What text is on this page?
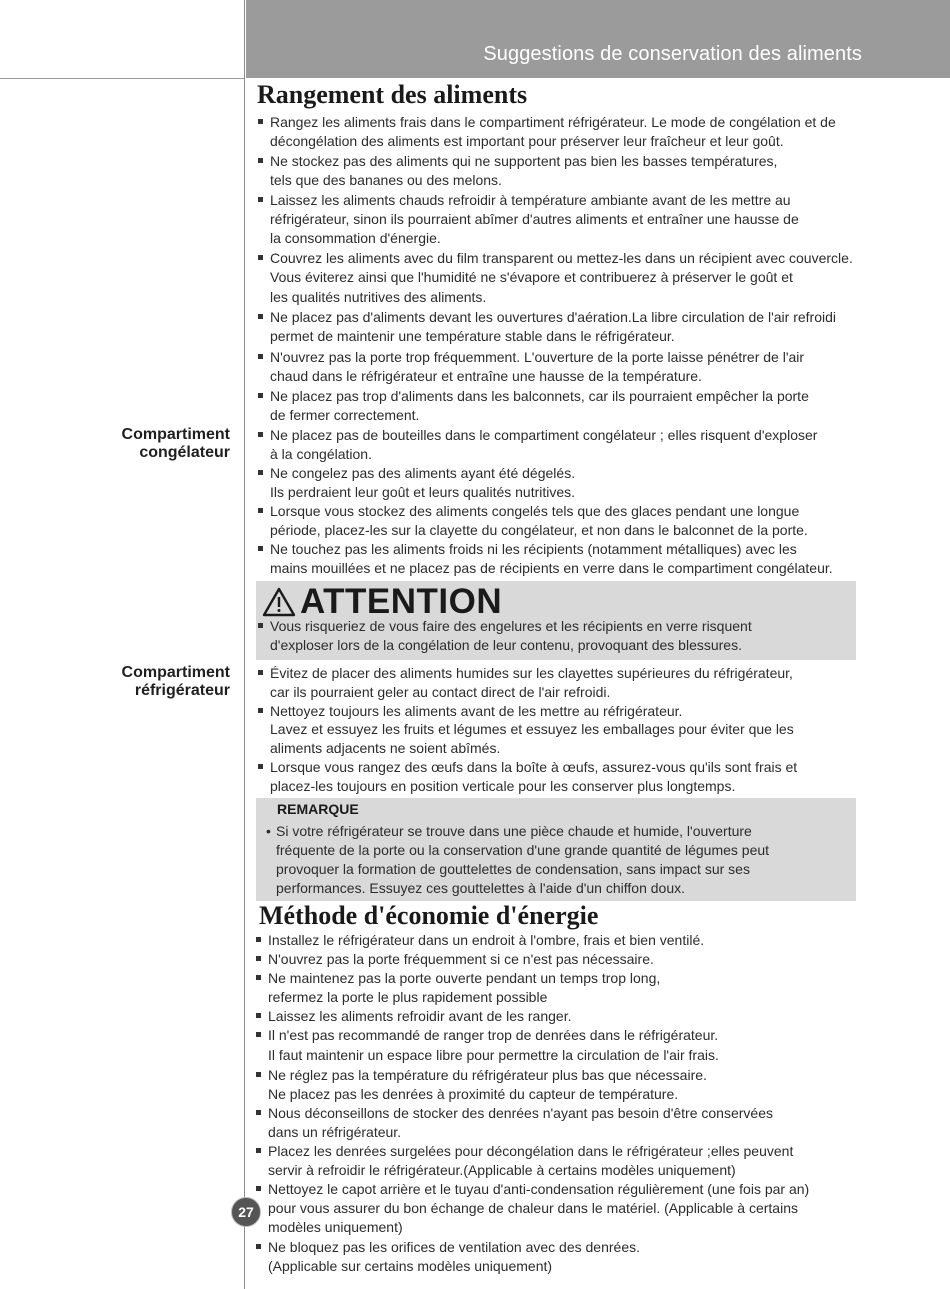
Suggestions de conservation des aliments
Rangement des aliments
Rangez les aliments frais dans le compartiment réfrigérateur. Le mode de congélation et de
décongélation des aliments est important pour préserver leur fraîcheur et leur goût.
Ne stockez pas des aliments qui ne supportent pas bien les basses températures,
tels que des bananes ou des melons.
Laissez les aliments chauds refroidir à température ambiante avant de les mettre au
réfrigérateur, sinon ils pourraient abîmer d'autres aliments et entraîner une hausse de
la consommation d'énergie.
Couvrez les aliments avec du film transparent ou mettez-les dans un récipient avec couvercle.
Vous éviterez ainsi que l'humidité ne s'évapore et contribuerez à préserver le goût et
les qualités nutritives des aliments.
Ne placez pas d'aliments devant les ouvertures d'aération.La libre circulation de l'air refroidi
permet de maintenir une température stable dans le réfrigérateur.
N'ouvrez pas la porte trop fréquemment. L'ouverture de la porte laisse pénétrer de l'air
chaud dans le réfrigérateur et entraîne une hausse de la température.
Ne placez pas trop d'aliments dans les balconnets, car ils pourraient empêcher la porte
de fermer correctement.
Compartiment
congélateur
Ne placez pas de bouteilles dans le compartiment congélateur ; elles risquent d'exploser
à la congélation.
Ne congelez pas des aliments ayant été dégelés.
Ils perdraient leur goût et leurs qualités nutritives.
Lorsque vous stockez des aliments congelés tels que des glaces pendant une longue
période, placez-les sur la clayette du congélateur, et non dans le balconnet de la porte.
Ne touchez pas les aliments froids ni les récipients (notamment métalliques) avec les
mains mouillées et ne placez pas de récipients en verre dans le compartiment congélateur.
ATTENTION
Vous risqueriez de vous faire des engelures et les récipients en verre risquent
d'exploser lors de la congélation de leur contenu, provoquant des blessures.
Compartiment
réfrigérateur
Évitez de placer des aliments humides sur les clayettes supérieures du réfrigérateur,
car ils pourraient geler au contact direct de l'air refroidi.
Nettoyez toujours les aliments avant de les mettre au réfrigérateur.
Lavez et essuyez les fruits et légumes et essuyez les emballages pour éviter que les
aliments adjacents ne soient abîmés.
Lorsque vous rangez des œufs dans la boîte à œufs, assurez-vous qu'ils sont frais et
placez-les toujours en position verticale pour les conserver plus longtemps.
REMARQUE
• Si votre réfrigérateur se trouve dans une pièce chaude et humide, l'ouverture
fréquente de la porte ou la conservation d'une grande quantité de légumes peut
provoquer la formation de gouttelettes de condensation, sans impact sur ses
performances. Essuyez ces gouttelettes à l'aide d'un chiffon doux.
Méthode d'économie d'énergie
Installez le réfrigérateur dans un endroit à l'ombre, frais et bien ventilé.
N'ouvrez pas la porte fréquemment si ce n'est pas nécessaire.
Ne maintenez pas la porte ouverte pendant un temps trop long,
refermez la porte le plus rapidement possible
Laissez les aliments refroidir avant de les ranger.
Il n'est pas recommandé de ranger trop de denrées dans le réfrigérateur.
Il faut maintenir un espace libre pour permettre la circulation de l'air frais.
Ne réglez pas la température du réfrigérateur plus bas que nécessaire.
Ne placez pas les denrées à proximité du capteur de température.
Nous déconseillons de stocker des denrées n'ayant pas besoin d'être conservées
dans un réfrigérateur.
Placez les denrées surgelées pour décongélation dans le réfrigérateur ;elles peuvent
servir à refroidir le réfrigérateur.(Applicable à certains modèles uniquement)
Nettoyez le capot arrière et le tuyau d'anti-condensation régulièrement (une fois par an)
pour vous assurer du bon échange de chaleur dans le matériel. (Applicable à certains
modèles uniquement)
Ne bloquez pas les orifices de ventilation avec des denrées.
(Applicable sur certains modèles uniquement)
27
